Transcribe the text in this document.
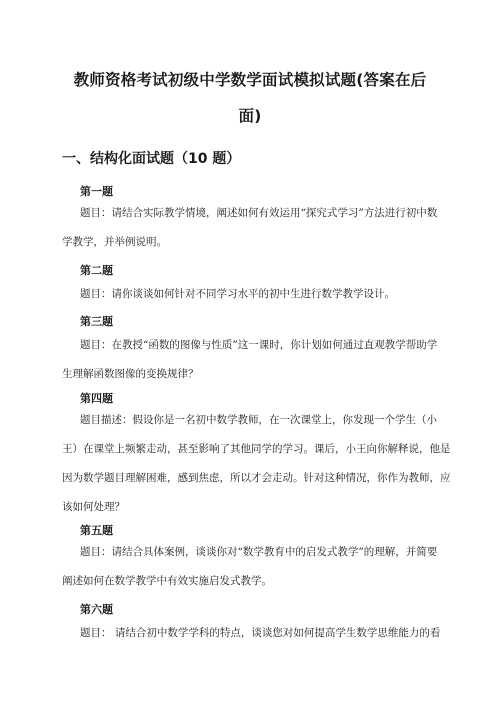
教师资格考试初级中学数学面试模拟试题(答案在后
面)
一、结构化面试题（10 题）
第一题

题目：请结合实际教学情境，阐述如何有效运用“探究式学习”方法进行初中数
学教学，并举例说明。

第二题

题目：请你谈谈如何针对不同学习水平的初中生进行数学教学设计。

第三题

题目：在教授“函数的图像与性质”这一课时，你计划如何通过直观教学帮助学
生理解函数图像的变换规律？

第四题

题目描述：假设你是一名初中数学教师，在一次课堂上，你发现一个学生（小
王）在课堂上频繁走动，甚至影响了其他同学的学习。课后，小王向你解释说，他是
因为数学题目理解困难，感到焦虑，所以才会走动。针对这种情况，你作为教师，应
该如何处理？

第五题

题目：请结合具体案例，谈谈你对“数学教育中的启发式教学”的理解，并简要
阐述如何在数学教学中有效实施启发式教学。

第六题

题目： 请结合初中数学学科的特点，谈谈您对如何提高学生数学思维能力的看
